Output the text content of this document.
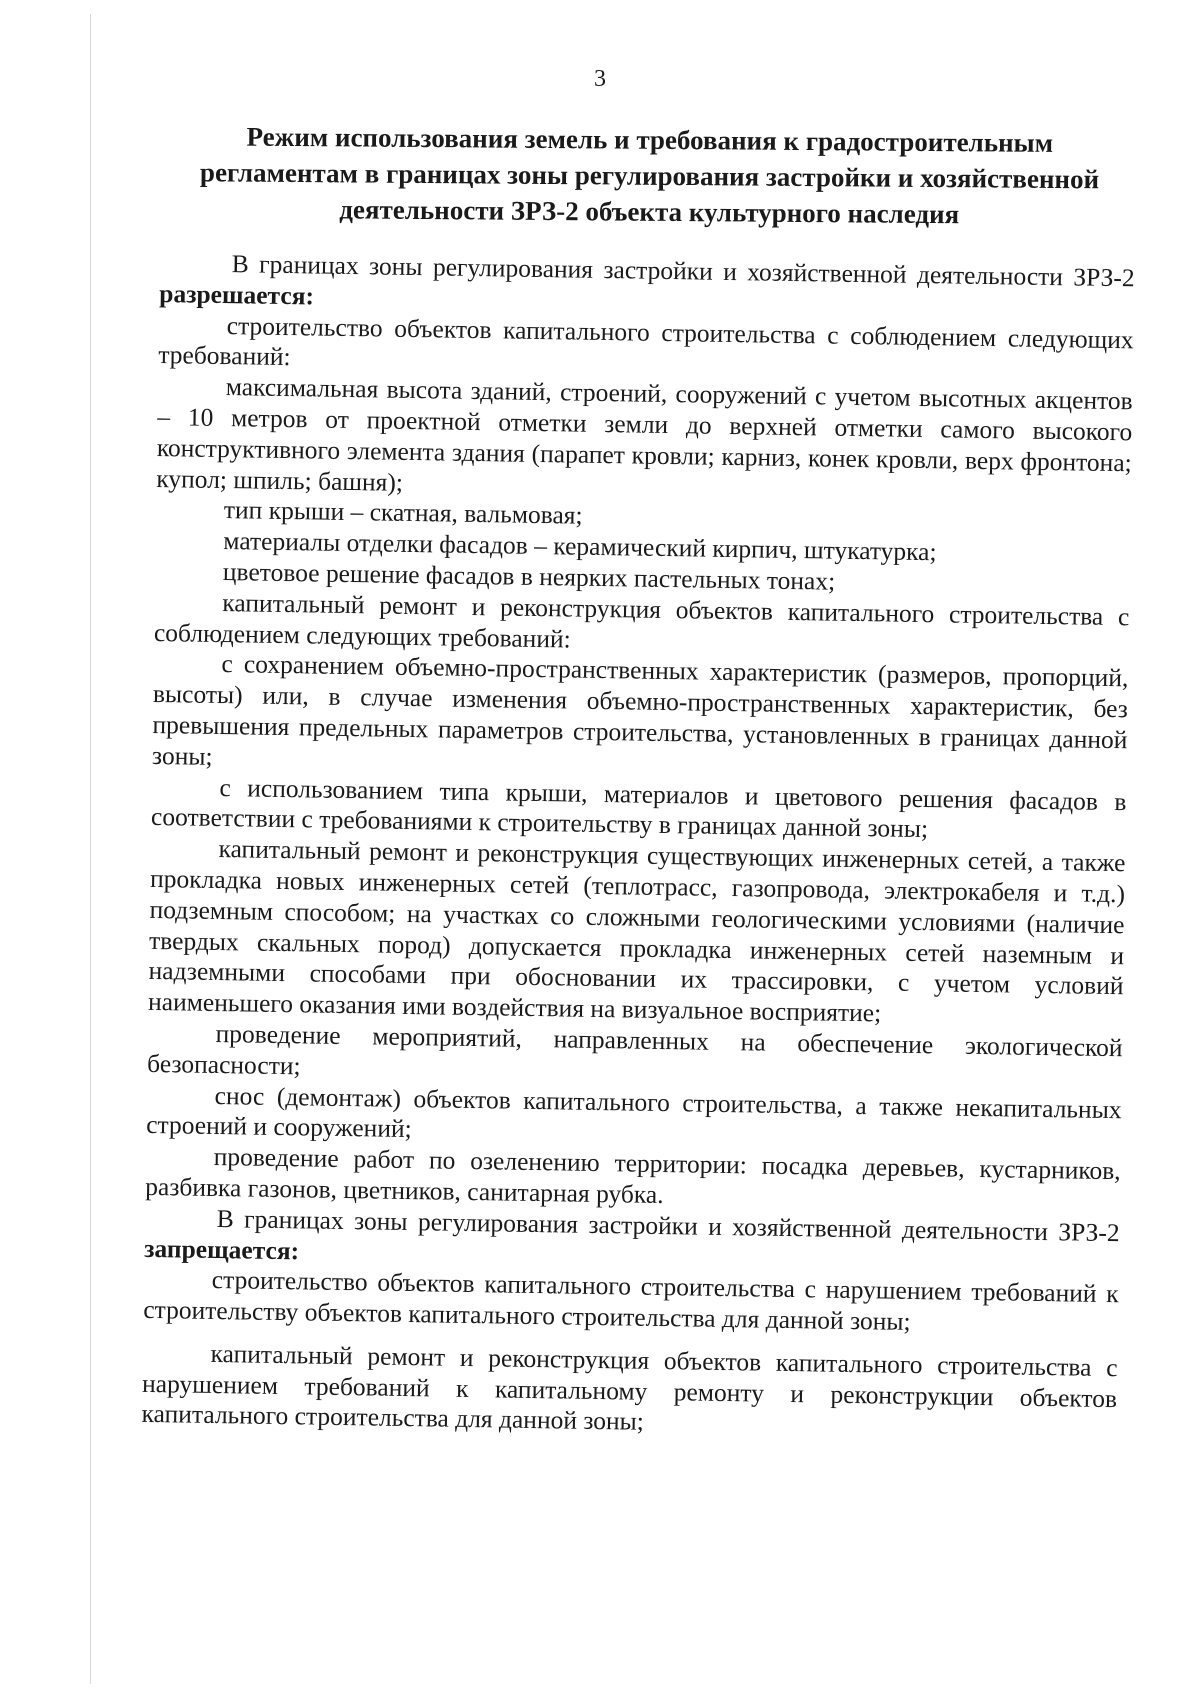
3
Режим использования земель и требования к градостроительным регламентам в границах зоны регулирования застройки и хозяйственной деятельности ЗРЗ-2 объекта культурного наследия

В границах зоны регулирования застройки и хозяйственной деятельности ЗРЗ-2 разрешается:

строительство объектов капитального строительства с соблюдением следующих требований:

максимальная высота зданий, строений, сооружений с учетом высотных акцентов – 10 метров от проектной отметки земли до верхней отметки самого высокого конструктивного элемента здания (парапет кровли; карниз, конек кровли, верх фронтона; купол; шпиль; башня);

тип крыши – скатная, вальмовая;

материалы отделки фасадов – керамический кирпич, штукатурка;

цветовое решение фасадов в неярких пастельных тонах;

капитальный ремонт и реконструкция объектов капитального строительства с соблюдением следующих требований:

с сохранением объемно-пространственных характеристик (размеров, пропорций, высоты) или, в случае изменения объемно-пространственных характеристик, без превышения предельных параметров строительства, установленных в границах данной зоны;

с использованием типа крыши, материалов и цветового решения фасадов в соответствии с требованиями к строительству в границах данной зоны;

капитальный ремонт и реконструкция существующих инженерных сетей, а также прокладка новых инженерных сетей (теплотрасс, газопровода, электрокабеля и т.д.) подземным способом; на участках со сложными геологическими условиями (наличие твердых скальных пород) допускается прокладка инженерных сетей наземным и надземными способами при обосновании их трассировки, с учетом условий наименьшего оказания ими воздействия на визуальное восприятие;

проведение мероприятий, направленных на обеспечение экологической безопасности;

снос (демонтаж) объектов капитального строительства, а также некапитальных строений и сооружений;

проведение работ по озеленению территории: посадка деревьев, кустарников, разбивка газонов, цветников, санитарная рубка.

В границах зоны регулирования застройки и хозяйственной деятельности ЗРЗ-2 запрещается:

строительство объектов капитального строительства с нарушением требований к строительству объектов капитального строительства для данной зоны;

капитальный ремонт и реконструкция объектов капитального строительства с нарушением требований к капитальному ремонту и реконструкции объектов капитального строительства для данной зоны;
